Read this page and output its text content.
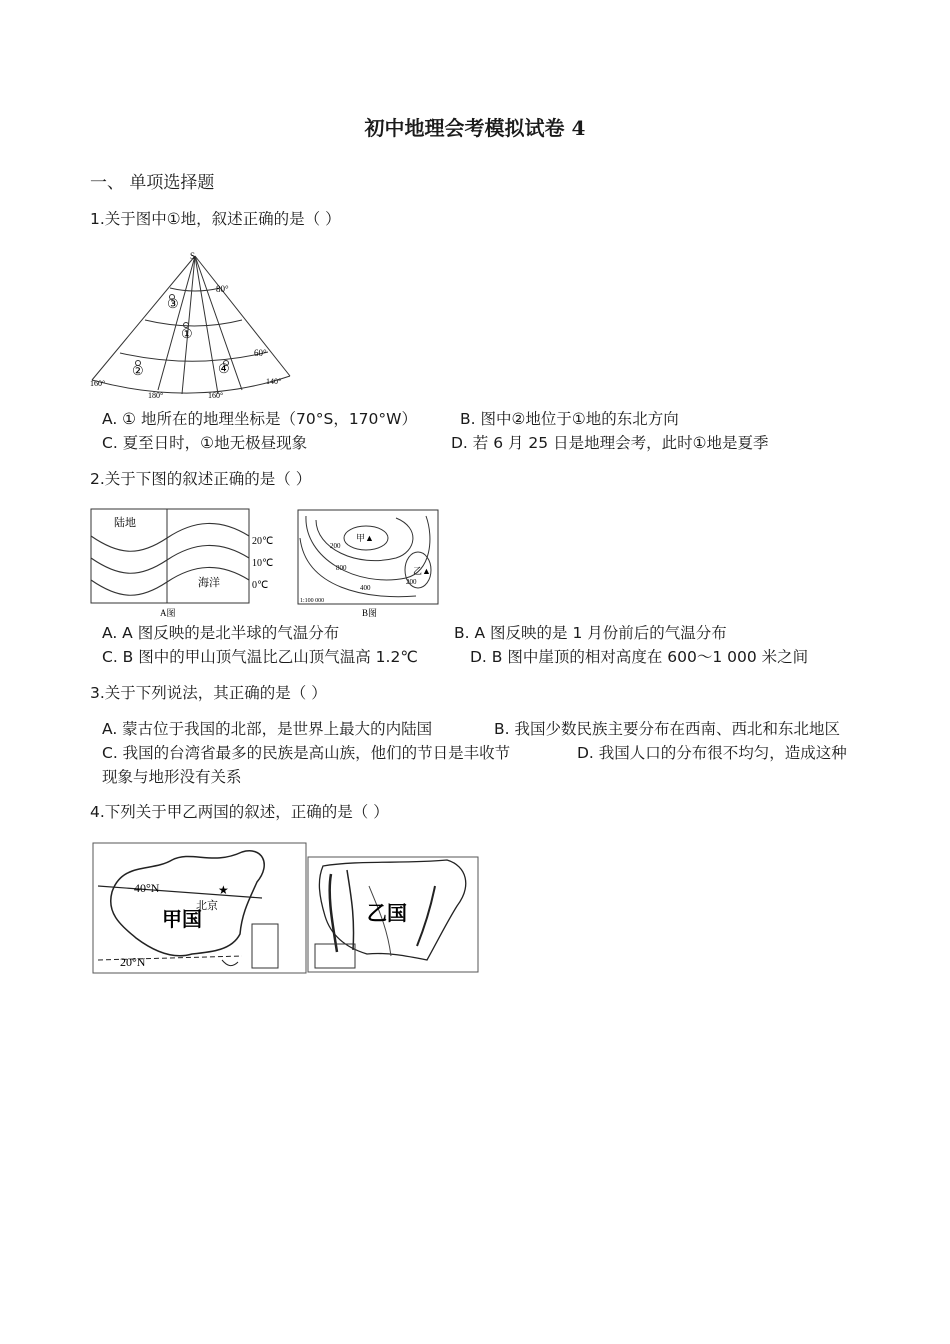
初中地理会考模拟试卷 4
一、 单项选择题
1.关于图中①地，叙述正确的是（ ）
S
80°
60°
160°
180°	160°
140°
①
②
③
④
A. ① 地所在的地理坐标是（70°S，170°W）	B. 图中②地位于①地的东北方向
C. 夏至日时，①地无极昼现象	D. 若 6 月 25 日是地理会考，此时①地是夏季
2.关于下图的叙述正确的是（ ）
陆地
海洋
20℃
10℃
0℃
A图
甲▲
乙▲
200
800
400
200
1:100 000
B图
A. A 图反映的是北半球的气温分布	B. A 图反映的是 1 月份前后的气温分布
C. B 图中的甲山顶气温比乙山顶气温高 1.2℃	D. B 图中崖顶的相对高度在 600～1 000 米之间
3.关于下列说法，其正确的是（ ）
A. 蒙古位于我国的北部，是世界上最大的内陆国	B. 我国少数民族主要分布在西南、西北和东北地区
C. 我国的台湾省最多的民族是高山族，他们的节日是丰收节	D. 我国人口的分布很不均匀，造成这种
现象与地形没有关系
4.下列关于甲乙两国的叙述，正确的是（ ）
★
40°N
20°N
北京
甲国	乙国
